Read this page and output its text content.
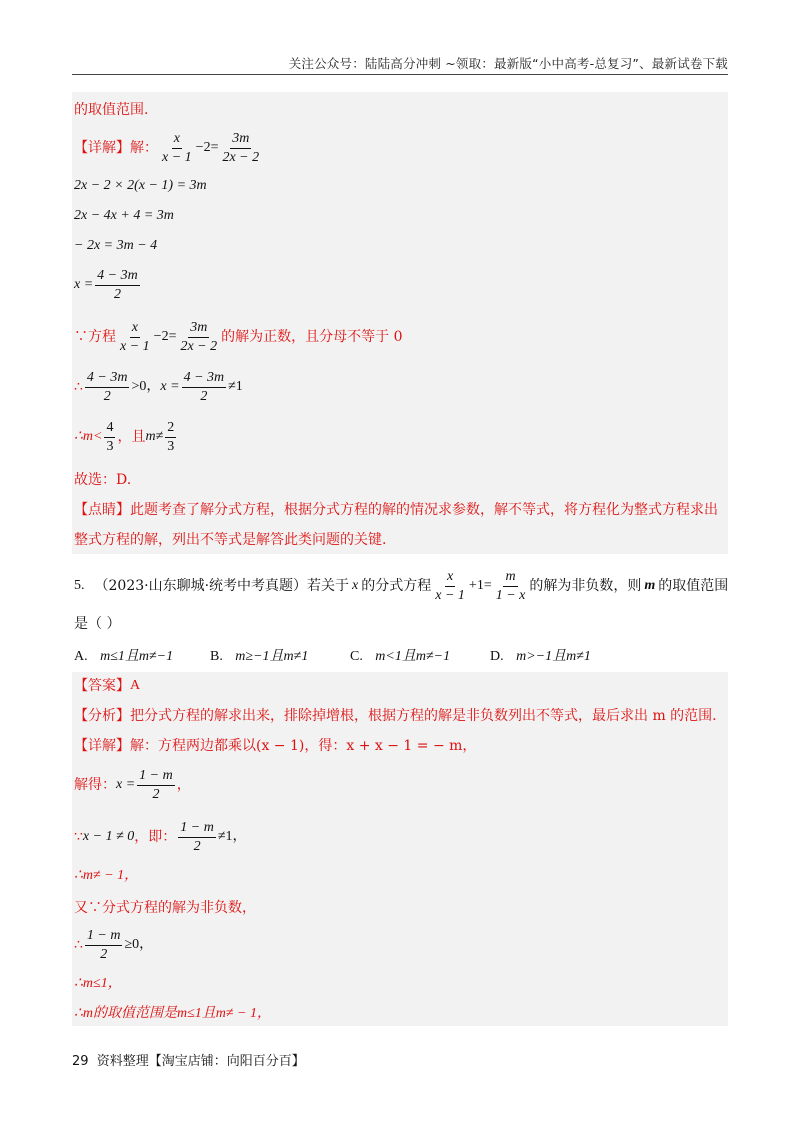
关注公众号：陆陆高分冲刺 ~领取：最新版“小中高考-总复习”、最新试卷下载
的取值范围.
【详解】解： $\frac{x}{x - 1} -2= \frac{3m}{2x - 2}$
2x − 2 × 2(x − 1) = 3m
2x − 4x + 4 = 3m
− 2x = 3m − 4
$x = \frac{4 - 3m}{2}$
∵方程 $\frac{x}{x - 1} -2= \frac{3m}{2x - 2}$ 的解为正数，且分母不等于 0
∴ $\frac{4 - 3m}{2} >0$， $x = \frac{4 - 3m}{2} \ne 1$
∴m< $\frac{4}{3}$ ，且 $m\ne \frac{2}{3}$
故选：D.
【点睛】 此题考查了解分式方程，根据分式方程的解的情况求参数，解不等式，将方程化为整式方程求出
整式方程的解，列出不等式是解答此类问题的关键.
5. （2023·山东聊城·统考中考真题） 若关于 x 的分式方程 $\frac{x}{x - 1} +1= \frac{m}{1 - x}$ 的解为非负数，则 m 的取值范围
是（ ）
A. m≤1且m≠−1	B. m≥−1且m≠1	C. m<1且m≠−1	D. m>−1且m≠1
【答案】 A
【分析】 把分式方程的解求出来，排除掉增根，根据方程的解是非负数列出不等式，最后求出 m 的范围.
【详解】 解：方程两边都乘以(x − 1)，得：x + x − 1 = − m，
解得： $x = \frac{1 - m}{2}$ ，
∵ x − 1 ≠ 0 ，即： $\frac{1 - m}{2} \ne 1$，
∴m≠ − 1，
又∵分式方程的解为非负数，
∴ $\frac{1 - m}{2} \ge 0$，
∴m≤1，
∴m的取值范围是m≤1且m≠ − 1，
29 资料整理【淘宝店铺：向阳百分百】
